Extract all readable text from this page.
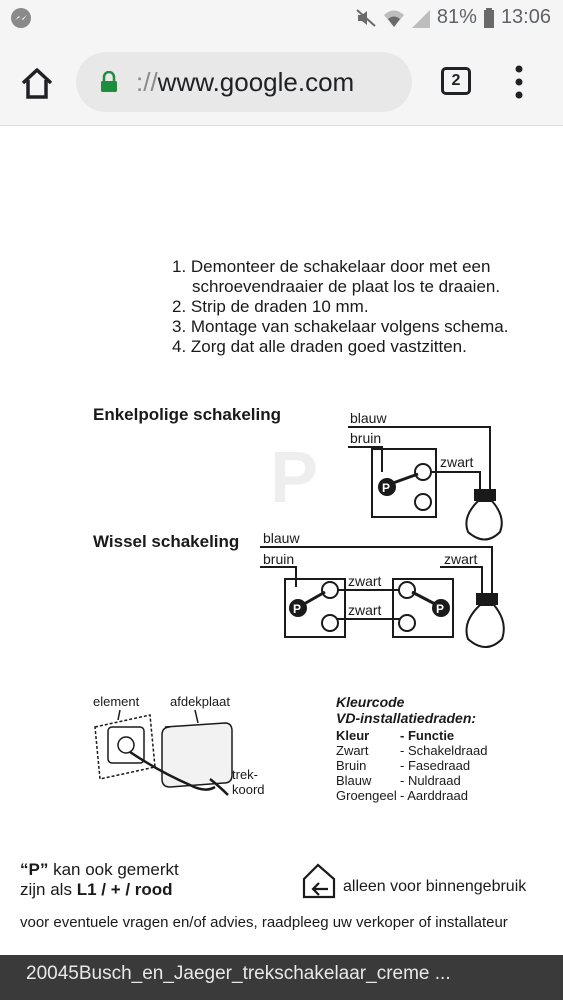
81% 13:06
://www.google.com	2
P
1. Demonteer de schakelaar door met een
schroevendraaier de plaat los te draaien.
2. Strip de draden 10 mm.
3. Montage van schakelaar volgens schema.
4. Zorg dat alle draden goed vastzitten.
Enkelpolige schakeling	blauw
bruin
zwart
P
Wissel schakeling blauw
bruin
zwart
zwart
zwart
P	P
element afdekplaat
trek-
koord
Kleurcode
VD-installatiedraden:
Kleur - Functie
Zwart - Schakeldraad
Bruin	- Fasedraad
Blauw - Nuldraad
Groengeel - Aarddraad
“P” kan ook gemerkt
zijn als L1 / + / rood	alleen voor binnengebruik
voor eventuele vragen en/of advies, raadpleeg uw verkoper of installateur
20045Busch_en_Jaeger_trekschakelaar_creme ...
